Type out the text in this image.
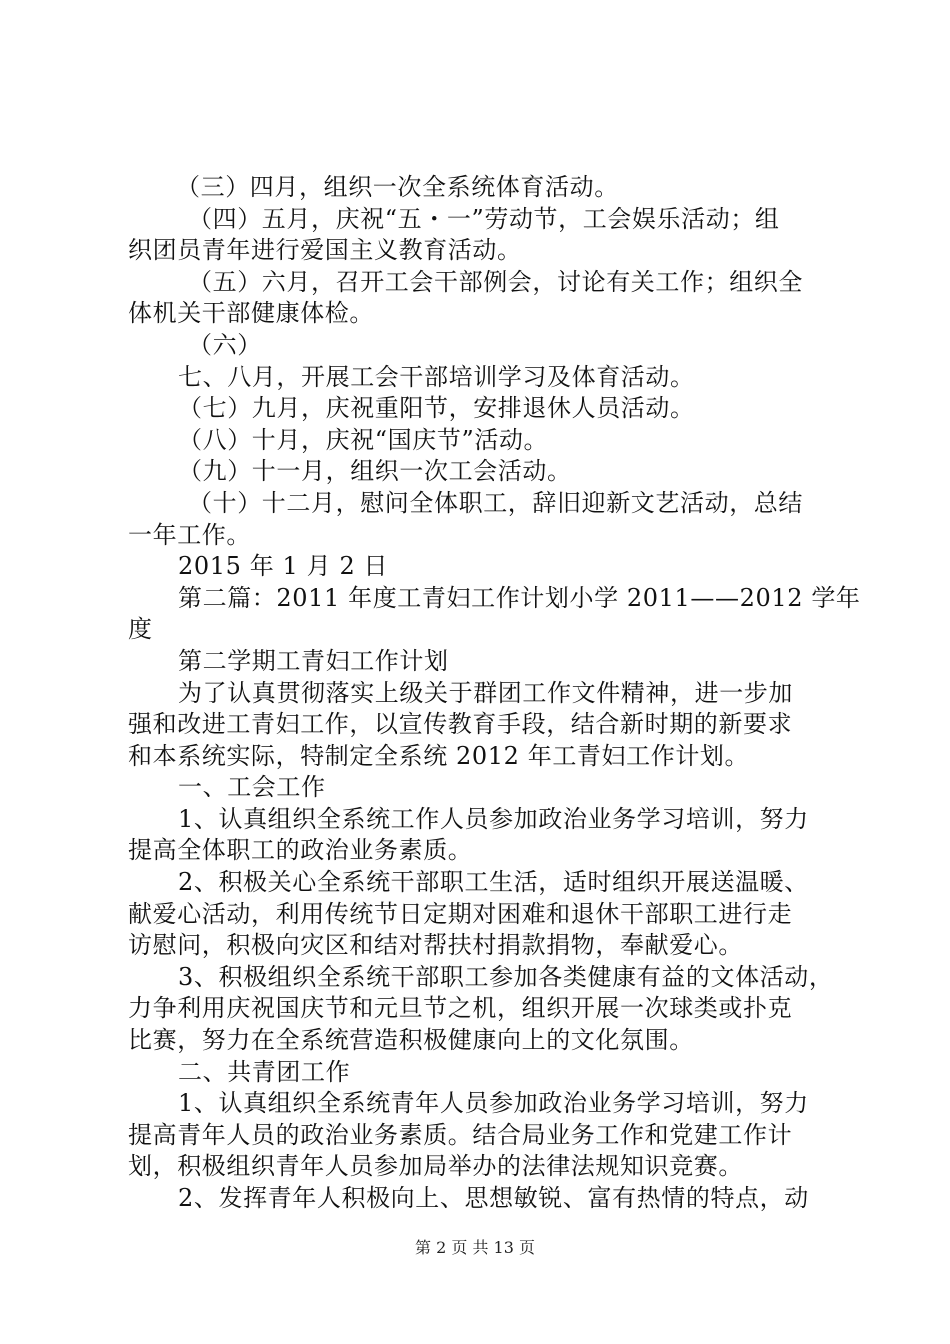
（三）四月，组织一次全系统体育活动。
（四）五月，庆祝“五・一”劳动节，工会娱乐活动；组
织团员青年进行爱国主义教育活动。
（五）六月，召开工会干部例会，讨论有关工作；组织全
体机关干部健康体检。
（六）
七、八月，开展工会干部培训学习及体育活动。
（七）九月，庆祝重阳节，安排退休人员活动。
（八）十月，庆祝“国庆节”活动。
（九）十一月，组织一次工会活动。
（十）十二月，慰问全体职工，辞旧迎新文艺活动，总结
一年工作。
2015 年 1 月 2 日
第二篇：2011 年度工青妇工作计划小学 2011——2012 学年
度
第二学期工青妇工作计划
为了认真贯彻落实上级关于群团工作文件精神，进一步加
强和改进工青妇工作，以宣传教育手段，结合新时期的新要求
和本系统实际，特制定全系统 2012 年工青妇工作计划。
一、工会工作
1、认真组织全系统工作人员参加政治业务学习培训，努力
提高全体职工的政治业务素质。
2、积极关心全系统干部职工生活，适时组织开展送温暖、
献爱心活动，利用传统节日定期对困难和退休干部职工进行走
访慰问，积极向灾区和结对帮扶村捐款捐物，奉献爱心。
3、积极组织全系统干部职工参加各类健康有益的文体活动，
力争利用庆祝国庆节和元旦节之机，组织开展一次球类或扑克
比赛，努力在全系统营造积极健康向上的文化氛围。
二、共青团工作
1、认真组织全系统青年人员参加政治业务学习培训，努力
提高青年人员的政治业务素质。结合局业务工作和党建工作计
划，积极组织青年人员参加局举办的法律法规知识竞赛。
2、发挥青年人积极向上、思想敏锐、富有热情的特点，动
第 2 页 共 13 页
